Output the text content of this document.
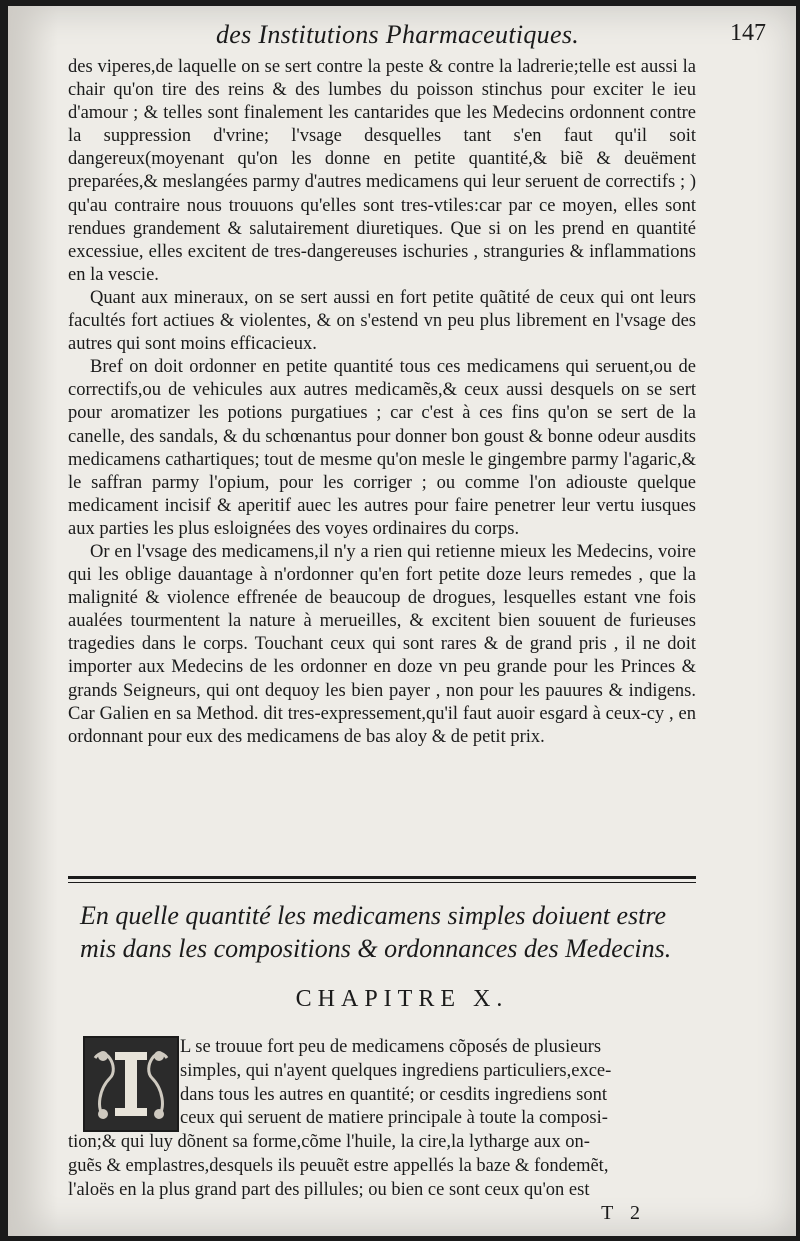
des Institutions Pharmaceutiques.	147

des viperes,de laquelle on se sert contre la peste & contre la ladrerie;telle est aussi la chair qu'on tire des reins & des lumbes du poisson stinchus pour exciter le ieu d'amour ; & telles sont finalement les cantarides que les Medecins ordonnent contre la suppression d'vrine; l'vsage desquelles tant s'en faut qu'il soit dangereux(moyenant qu'on les donne en petite quantité,& biẽ & deuëment preparées,& meslangées parmy d'autres medicamens qui leur seruent de correctifs ; ) qu'au contraire nous trouuons qu'elles sont tres-vtiles:car par ce moyen, elles sont rendues grandement & salutairement diuretiques. Que si on les prend en quantité excessiue, elles excitent de tres-dangereuses ischuries , stranguries & inflammations en la vescie.

Quant aux mineraux, on se sert aussi en fort petite quãtité de ceux qui ont leurs facultés fort actiues & violentes, & on s'estend vn peu plus librement en l'vsage des autres qui sont moins efficacieux.

Bref on doit ordonner en petite quantité tous ces medicamens qui seruent,ou de correctifs,ou de vehicules aux autres medicamẽs,& ceux aussi desquels on se sert pour aromatizer les potions purgatiues ; car c'est à ces fins qu'on se sert de la canelle, des sandals, & du schœnantus pour donner bon goust & bonne odeur ausdits medicamens cathartiques; tout de mesme qu'on mesle le gingembre parmy l'agaric,& le saffran parmy l'opium, pour les corriger ; ou comme l'on adiouste quelque medicament incisif & aperitif auec les autres pour faire penetrer leur vertu iusques aux parties les plus esloignées des voyes ordinaires du corps.

Or en l'vsage des medicamens,il n'y a rien qui retienne mieux les Medecins, voire qui les oblige dauantage à n'ordonner qu'en fort petite doze leurs remedes , que la malignité & violence effrenée de beaucoup de drogues, lesquelles estant vne fois aualées tourmentent la nature à merueilles, & excitent bien souuent de furieuses tragedies dans le corps. Touchant ceux qui sont rares & de grand pris , il ne doit importer aux Medecins de les ordonner en doze vn peu grande pour les Princes & grands Seigneurs, qui ont dequoy les bien payer , non pour les pauures & indigens. Car Galien en sa Method. dit tres-expressement,qu'il faut auoir esgard à ceux-cy , en ordonnant pour eux des medicamens de bas aloy & de petit prix.

En quelle quantité les medicamens simples doiuent estre mis dans les compositions & ordonnances des Medecins.

CHAPITRE X.

L se trouue fort peu de medicamens cõposés de plusieurs
simples, qui n'ayent quelques ingrediens particuliers,exce-
dans tous les autres en quantité; or cesdits ingrediens sont
ceux qui seruent de matiere principale à toute la composi-
tion;& qui luy dõnent sa forme,cõme l'huile, la cire,la lytharge aux on-
guẽs & emplastres,desquels ils peuuẽt estre appellés la baze & fondemẽt,
l'aloës en la plus grand part des pillules; ou bien ce sont ceux qu'on est
T 2
